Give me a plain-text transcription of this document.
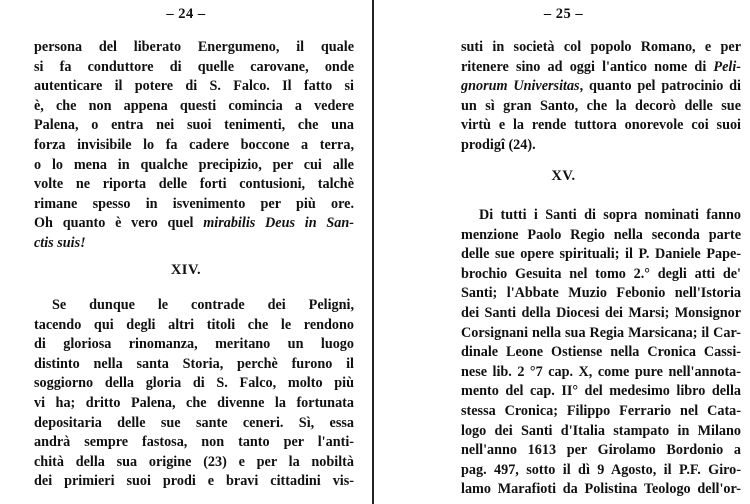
– 24 –
persona del liberato Energumeno, il quale
si fa conduttore di quelle carovane, onde
autenticare il potere di S. Falco. Il fatto si
è, che non appena questi comincia a vedere
Palena, o entra nei suoi tenimenti, che una
forza invisibile lo fa cadere boccone a terra,
o lo mena in qualche precipizio, per cui alle
volte ne riporta delle forti contusioni, talchè
rimane spesso in isvenimento per più ore.
Oh quanto è vero quel mirabilis Deus in San-
ctis suis!
XIV.
Se dunque le contrade dei Peligni,
tacendo qui degli altri titoli che le rendono
di gloriosa rinomanza, meritano un luogo
distinto nella santa Storia, perchè furono il
soggiorno della gloria di S. Falco, molto più
vi ha; dritto Palena, che divenne la fortunata
depositaria delle sue sante ceneri. Sì, essa
andrà sempre fastosa, non tanto per l'anti-
chità della sua origine (23) e per la nobiltà
dei primieri suoi prodi e bravi cittadini vis-
– 25 –
suti in società col popolo Romano, e per
ritenere sino ad oggi l'antico nome di Peli-
gnorum Universitas, quanto pel patrocinio di
un sì gran Santo, che la decorò delle sue
virtù e la rende tuttora onorevole coi suoi
prodigî (24).
XV.
Di tutti i Santi di sopra nominati fanno
menzione Paolo Regio nella seconda parte
delle sue opere spirituali; il P. Daniele Pape-
brochio Gesuita nel tomo 2.° degli atti de'
Santi; l'Abbate Muzio Febonio nell'Istoria
dei Santi della Diocesi dei Marsi; Monsignor
Corsignani nella sua Regia Marsicana; il Car-
dinale Leone Ostiense nella Cronica Cassi-
nese lib. 2 °7 cap. X, come pure nell'annota-
mento del cap. II° del medesimo libro della
stessa Cronica; Filippo Ferrario nel Cata-
logo dei Santi d'Italia stampato in Milano
nell'anno 1613 per Girolamo Bordonio a
pag. 497, sotto il dì 9 Agosto, il P.F. Giro-
lamo Marafioti da Polistina Teologo dell'or-
